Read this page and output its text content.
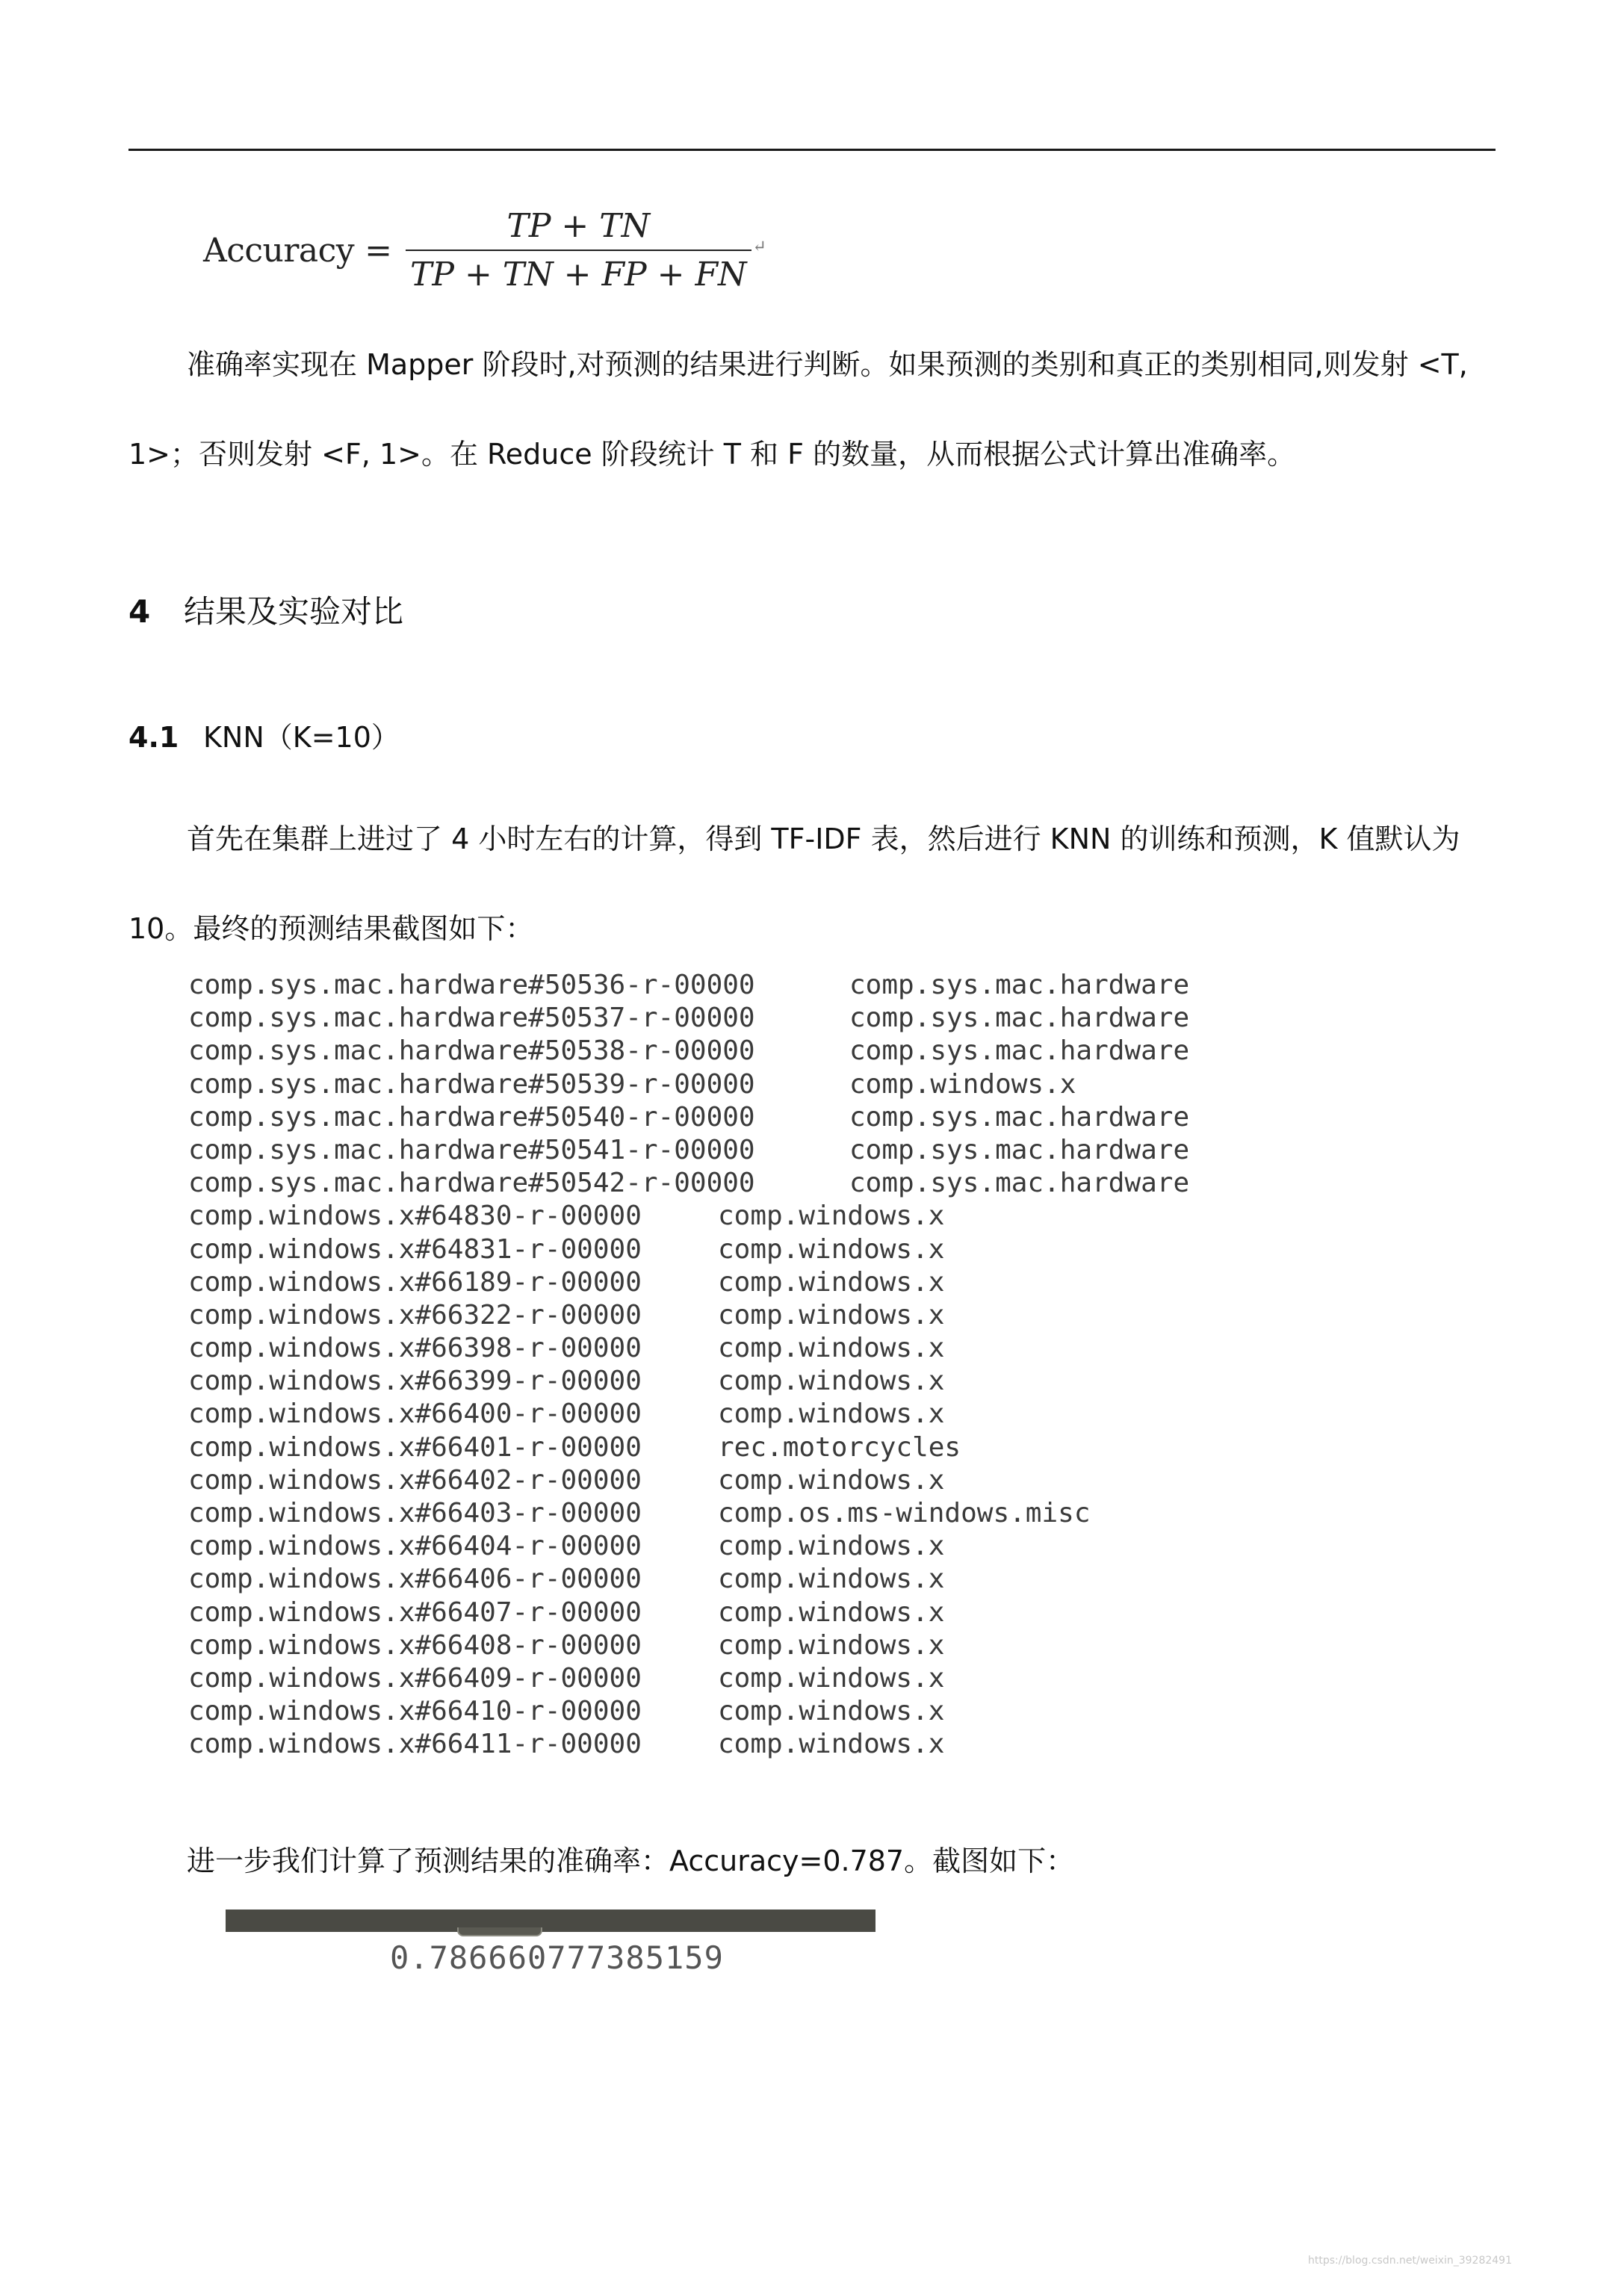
Accuracy = $\frac{TP + TN}{TP + TN + FP + FN}$ ↵
准确率实现在 Mapper 阶段时,对预测的结果进行判断。如果预测的类别和真正的类别相同,则发射 <T,
1>；否则发射 <F, 1>。在 Reduce 阶段统计 T 和 F 的数量，从而根据公式计算出准确率。
4 结果及实验对比
4.1 KNN（K=10）
首先在集群上进过了 4 小时左右的计算，得到 TF-IDF 表，然后进行 KNN 的训练和预测，K 值默认为
10。最终的预测结果截图如下：
comp.sys.mac.hardware#50536-r-00000	comp.sys.mac.hardware
comp.sys.mac.hardware#50537-r-00000	comp.sys.mac.hardware
comp.sys.mac.hardware#50538-r-00000	comp.sys.mac.hardware
comp.sys.mac.hardware#50539-r-00000	comp.windows.x
comp.sys.mac.hardware#50540-r-00000	comp.sys.mac.hardware
comp.sys.mac.hardware#50541-r-00000	comp.sys.mac.hardware
comp.sys.mac.hardware#50542-r-00000	comp.sys.mac.hardware
comp.windows.x#64830-r-00000	comp.windows.x
comp.windows.x#64831-r-00000	comp.windows.x
comp.windows.x#66189-r-00000	comp.windows.x
comp.windows.x#66322-r-00000	comp.windows.x
comp.windows.x#66398-r-00000	comp.windows.x
comp.windows.x#66399-r-00000	comp.windows.x
comp.windows.x#66400-r-00000	comp.windows.x
comp.windows.x#66401-r-00000	rec.motorcycles
comp.windows.x#66402-r-00000	comp.windows.x
comp.windows.x#66403-r-00000	comp.os.ms-windows.misc
comp.windows.x#66404-r-00000	comp.windows.x
comp.windows.x#66406-r-00000	comp.windows.x
comp.windows.x#66407-r-00000	comp.windows.x
comp.windows.x#66408-r-00000	comp.windows.x
comp.windows.x#66409-r-00000	comp.windows.x
comp.windows.x#66410-r-00000	comp.windows.x
comp.windows.x#66411-r-00000	comp.windows.x
进一步我们计算了预测结果的准确率：Accuracy=0.787。截图如下：
0.786660777385159
https://blog.csdn.net/weixin_39282491
